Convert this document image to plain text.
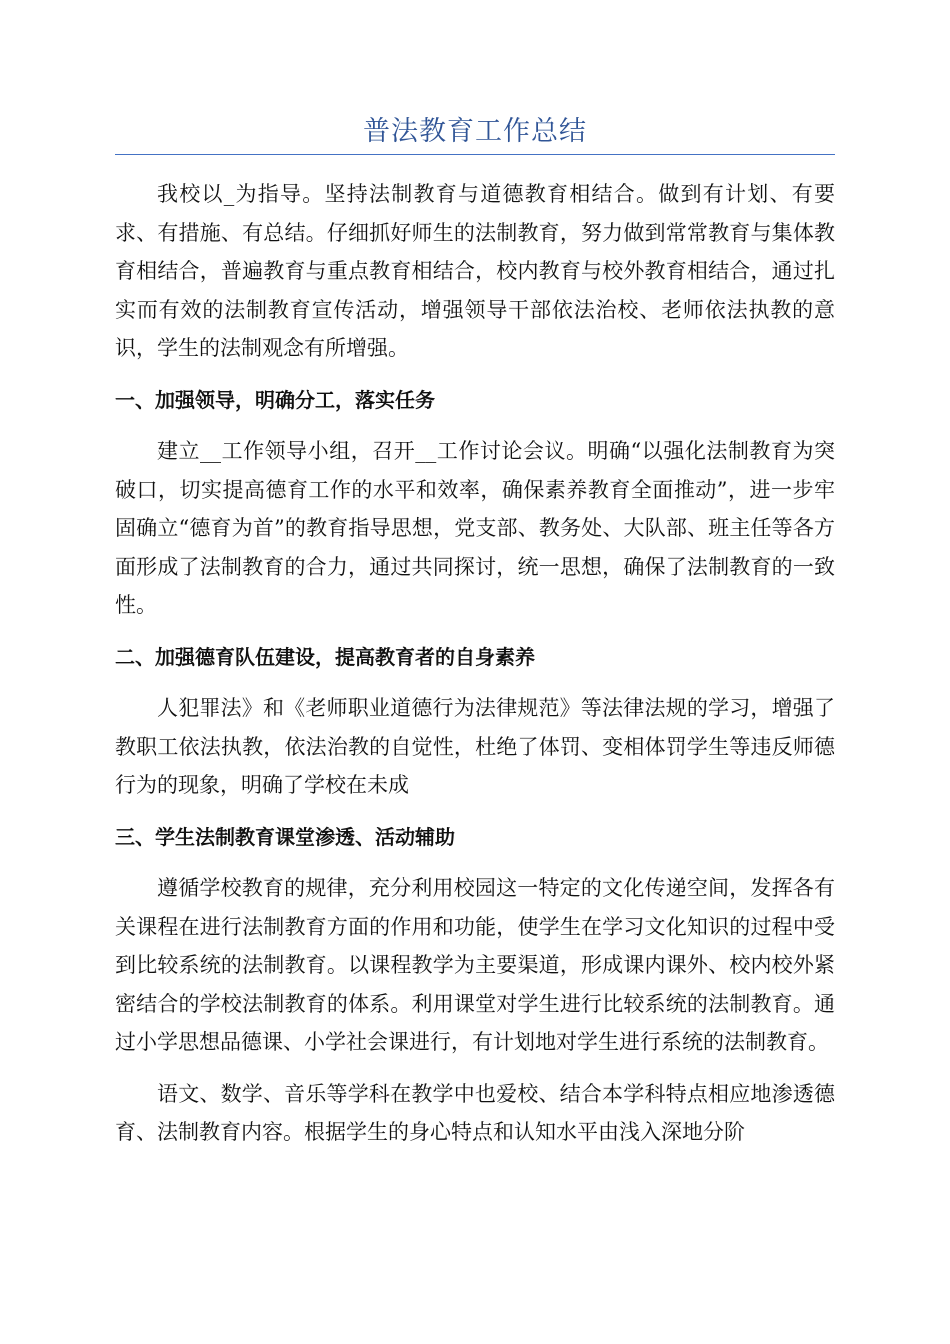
普法教育工作总结

我校以_为指导。坚持法制教育与道德教育相结合。做到有计划、有要求、有措施、有总结。仔细抓好师生的法制教育，努力做到常常教育与集体教育相结合，普遍教育与重点教育相结合，校内教育与校外教育相结合，通过扎实而有效的法制教育宣传活动，增强领导干部依法治校、老师依法执教的意识，学生的法制观念有所增强。

一、加强领导，明确分工，落实任务

建立__工作领导小组，召开__工作讨论会议。明确“以强化法制教育为突破口，切实提高德育工作的水平和效率，确保素养教育全面推动”，进一步牢固确立“德育为首”的教育指导思想，党支部、教务处、大队部、班主任等各方面形成了法制教育的合力，通过共同探讨，统一思想，确保了法制教育的一致性。

二、加强德育队伍建设，提高教育者的自身素养

人犯罪法》和《老师职业道德行为法律规范》等法律法规的学习，增强了教职工依法执教，依法治教的自觉性，杜绝了体罚、变相体罚学生等违反师德行为的现象，明确了学校在未成

三、学生法制教育课堂渗透、活动辅助

遵循学校教育的规律，充分利用校园这一特定的文化传递空间，发挥各有关课程在进行法制教育方面的作用和功能，使学生在学习文化知识的过程中受到比较系统的法制教育。以课程教学为主要渠道，形成课内课外、校内校外紧密结合的学校法制教育的体系。利用课堂对学生进行比较系统的法制教育。通过小学思想品德课、小学社会课进行，有计划地对学生进行系统的法制教育。

语文、数学、音乐等学科在教学中也爱校、结合本学科特点相应地渗透德育、法制教育内容。根据学生的身心特点和认知水平由浅入深地分阶
